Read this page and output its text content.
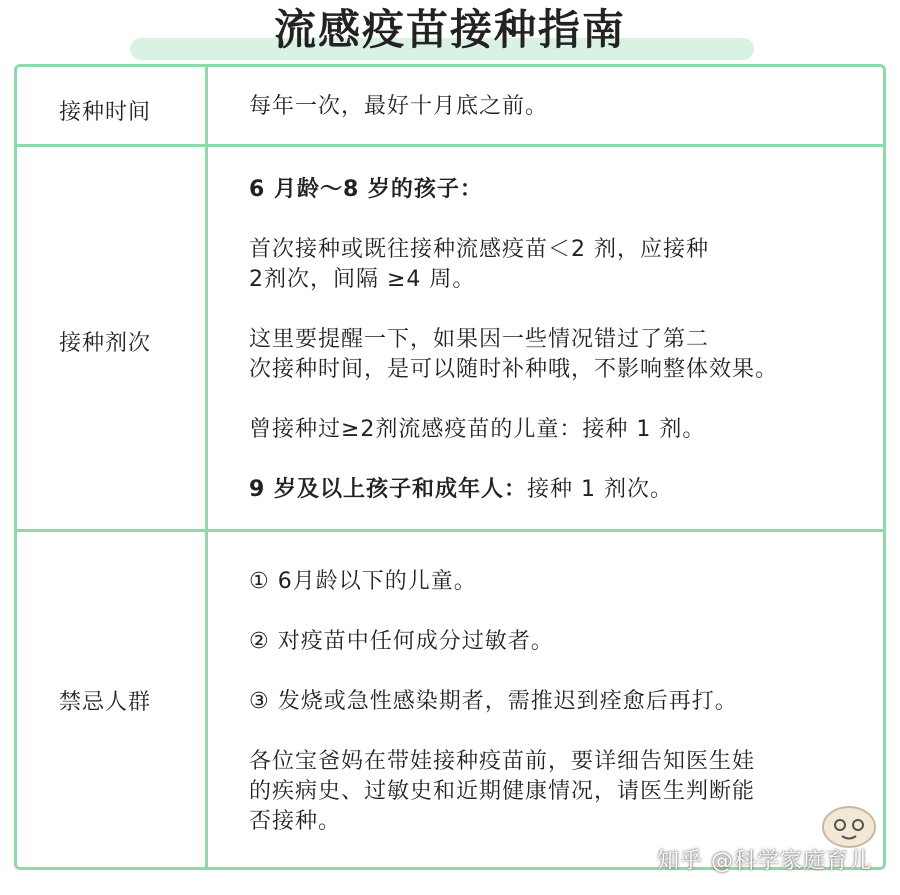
流感疫苗接种指南
接种时间	每年一次，最好十月底之前。

接种剂次

6 月龄～8 岁的孩子：

首次接种或既往接种流感疫苗＜2 剂，应接种

2剂次，间隔 ≥4 周。

这里要提醒一下，如果因一些情况错过了第二

次接种时间，是可以随时补种哦，不影响整体效果。

曾接种过≥2剂流感疫苗的儿童：接种 1 剂。

9 岁及以上孩子和成年人：接种 1 剂次。

禁忌人群

① 6月龄以下的儿童。

② 对疫苗中任何成分过敏者。

③ 发烧或急性感染期者，需推迟到痊愈后再打。

各位宝爸妈在带娃接种疫苗前，要详细告知医生娃

的疾病史、过敏史和近期健康情况，请医生判断能

否接种。

知乎 @科学家庭育儿
